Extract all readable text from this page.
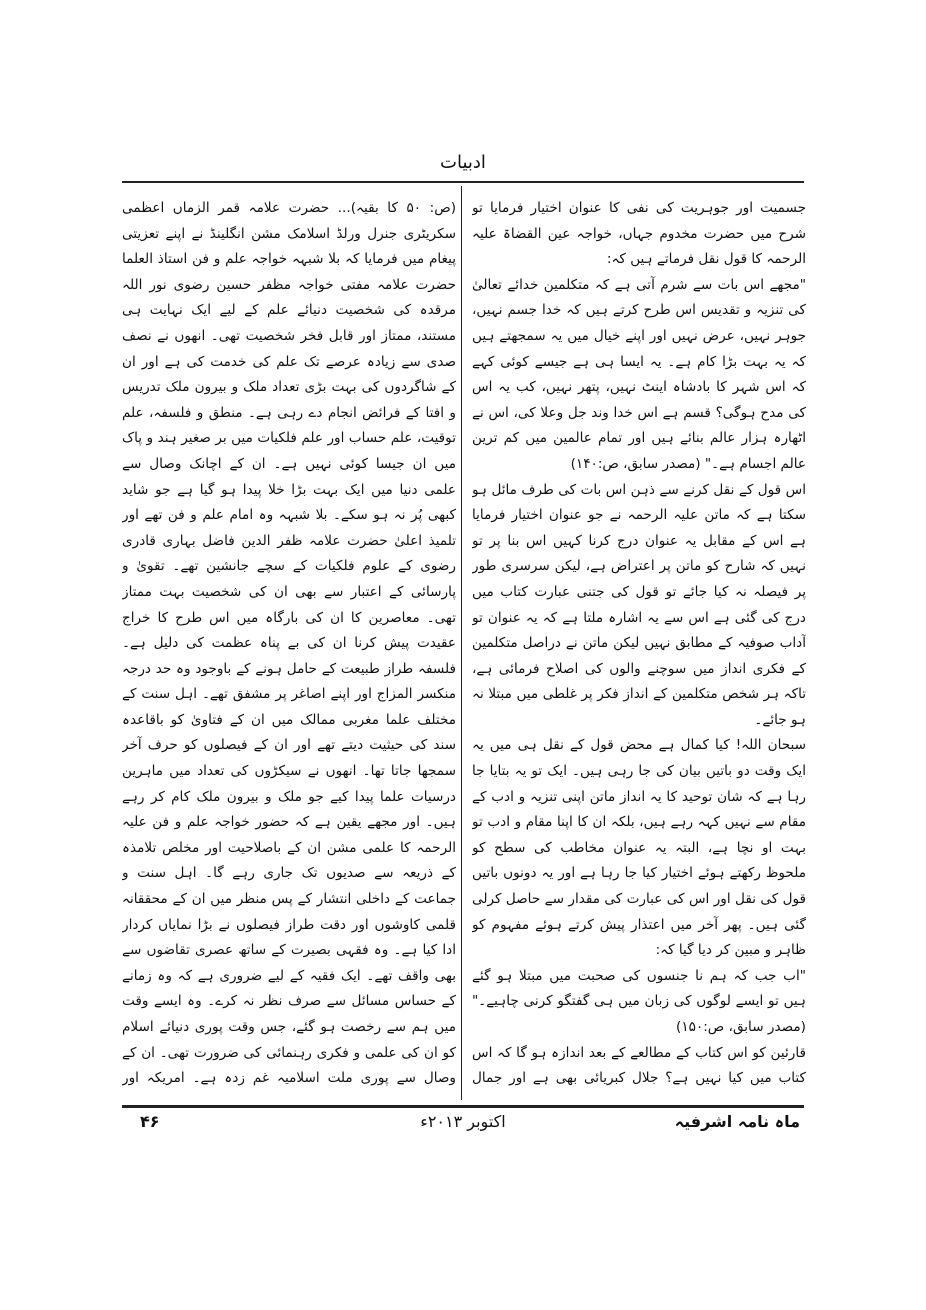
ادبیات

جسمیت اور جوہریت کی نفی کا عنوان اختیار فرمایا تو شرح میں حضرت مخدوم جہاں، خواجہ عین القضاۃ علیہ الرحمہ کا قول نقل فرماتے ہیں کہ:

"مجھے اس بات سے شرم آتی ہے کہ متکلمین خدائے تعالیٰ کی تنزیہ و تقدیس اس طرح کرتے ہیں کہ خدا جسم نہیں، جوہر نہیں، عرض نہیں اور اپنے خیال میں یہ سمجھتے ہیں کہ یہ بہت بڑا کام ہے۔ یہ ایسا ہی ہے جیسے کوئی کہے کہ اس شہر کا بادشاہ اینٹ نہیں، پتھر نہیں، کب یہ اس کی مدح ہوگی؟ قسم ہے اس خدا وند جل وعلا کی، اس نے اٹھارہ ہزار عالم بنائے ہیں اور تمام عالمین میں کم ترین عالم اجسام ہے۔" (مصدر سابق، ص:۱۴۰)

اس قول کے نقل کرنے سے ذہن اس بات کی طرف مائل ہو سکتا ہے کہ ماتن علیہ الرحمہ نے جو عنوان اختیار فرمایا ہے اس کے مقابل یہ عنوان درج کرنا کہیں اس بنا پر تو نہیں کہ شارح کو ماتن پر اعتراض ہے، لیکن سرسری طور پر فیصلہ نہ کیا جائے تو قول کی جتنی عبارت کتاب میں درج کی گئی ہے اس سے یہ اشارہ ملتا ہے کہ یہ عنوان تو آداب صوفیہ کے مطابق نہیں لیکن ماتن نے دراصل متکلمین کے فکری انداز میں سوچنے والوں کی اصلاح فرمائی ہے، تاکہ ہر شخص متکلمین کے انداز فکر پر غلطی میں مبتلا نہ ہو جائے۔

سبحان اللہ! کیا کمال ہے محض قول کے نقل ہی میں یہ ایک وقت دو باتیں بیان کی جا رہی ہیں۔ ایک تو یہ بتایا جا رہا ہے کہ شان توحید کا یہ انداز ماتن اپنی تنزیہ و ادب کے مقام سے نہیں کہہ رہے ہیں، بلکہ ان کا اپنا مقام و ادب تو بہت او نچا ہے، البتہ یہ عنوان مخاطب کی سطح کو ملحوظ رکھتے ہوئے اختیار کیا جا رہا ہے اور یہ دونوں باتیں قول کی نقل اور اس کی عبارت کی مقدار سے حاصل کرلی گئی ہیں۔ پھر آخر میں اعتذار پیش کرتے ہوئے مفہوم کو ظاہر و مبین کر دیا گیا کہ:

"اب جب کہ ہم نا جنسوں کی صحبت میں مبتلا ہو گئے ہیں تو ایسے لوگوں کی زبان میں ہی گفتگو کرنی چاہیے۔" (مصدر سابق، ص:۱۵۰)

قارئین کو اس کتاب کے مطالعے کے بعد اندازہ ہو گا کہ اس کتاب میں کیا نہیں ہے؟ جلال کبریائی بھی ہے اور جمال

(ص: ۵۰ کا بقیہ)... حضرت علامہ قمر الزماں اعظمی سکریٹری جنرل ورلڈ اسلامک مشن انگلینڈ نے اپنے تعزیتی پیغام میں فرمایا کہ بلا شبہہ خواجہ علم و فن استاذ العلما حضرت علامہ مفتی خواجہ مظفر حسین رضوی نور اللہ مرقدہ کی شخصیت دنیائے علم کے لیے ایک نہایت ہی مستند، ممتاز اور قابل فخر شخصیت تھی۔ انھوں نے نصف صدی سے زیادہ عرصے تک علم کی خدمت کی ہے اور ان کے شاگردوں کی بہت بڑی تعداد ملک و بیرون ملک تدریس و افتا کے فرائض انجام دے رہی ہے۔ منطق و فلسفہ، علم توقیت، علم حساب اور علم فلکیات میں بر صغیر ہند و پاک میں ان جیسا کوئی نہیں ہے۔ ان کے اچانک وصال سے علمی دنیا میں ایک بہت بڑا خلا پیدا ہو گیا ہے جو شاید کبھی پُر نہ ہو سکے۔ بلا شبہہ وہ امام علم و فن تھے اور تلمیذ اعلیٰ حضرت علامہ ظفر الدین فاضل بہاری قادری رضوی کے علوم فلکیات کے سچے جانشین تھے۔ تقویٰ و پارسائی کے اعتبار سے بھی ان کی شخصیت بہت ممتاز تھی۔ معاصرین کا ان کی بارگاہ میں اس طرح کا خراج عقیدت پیش کرنا ان کی بے پناہ عظمت کی دلیل ہے۔ فلسفہ طراز طبیعت کے حامل ہونے کے باوجود وہ حد درجہ منکسر المزاج اور اپنے اصاغر پر مشفق تھے۔ اہل سنت کے مختلف علما مغربی ممالک میں ان کے فتاویٰ کو باقاعدہ سند کی حیثیت دیتے تھے اور ان کے فیصلوں کو حرف آخر سمجھا جاتا تھا۔ انھوں نے سیکڑوں کی تعداد میں ماہرین درسیات علما پیدا کیے جو ملک و بیرون ملک کام کر رہے ہیں۔ اور مجھے یقین ہے کہ حضور خواجہ علم و فن علیہ الرحمہ کا علمی مشن ان کے باصلاحیت اور مخلص تلامذہ کے ذریعہ سے صدیوں تک جاری رہے گا۔ اہل سنت و جماعت کے داخلی انتشار کے پس منظر میں ان کے محققانہ قلمی کاوشوں اور دقت طراز فیصلوں نے بڑا نمایاں کردار ادا کیا ہے۔ وہ فقہی بصیرت کے ساتھ عصری تقاضوں سے بھی واقف تھے۔ ایک فقیہ کے لیے ضروری ہے کہ وہ زمانے کے حساس مسائل سے صرف نظر نہ کرے۔ وہ ایسے وقت میں ہم سے رخصت ہو گئے، جس وقت پوری دنیائے اسلام کو ان کی علمی و فکری رہنمائی کی ضرورت تھی۔ ان کے وصال سے پوری ملت اسلامیہ غم زدہ ہے۔ امریکہ اور

۴۶	اکتوبر ۲۰۱۳ء	ماہ نامہ اشرفیہ
